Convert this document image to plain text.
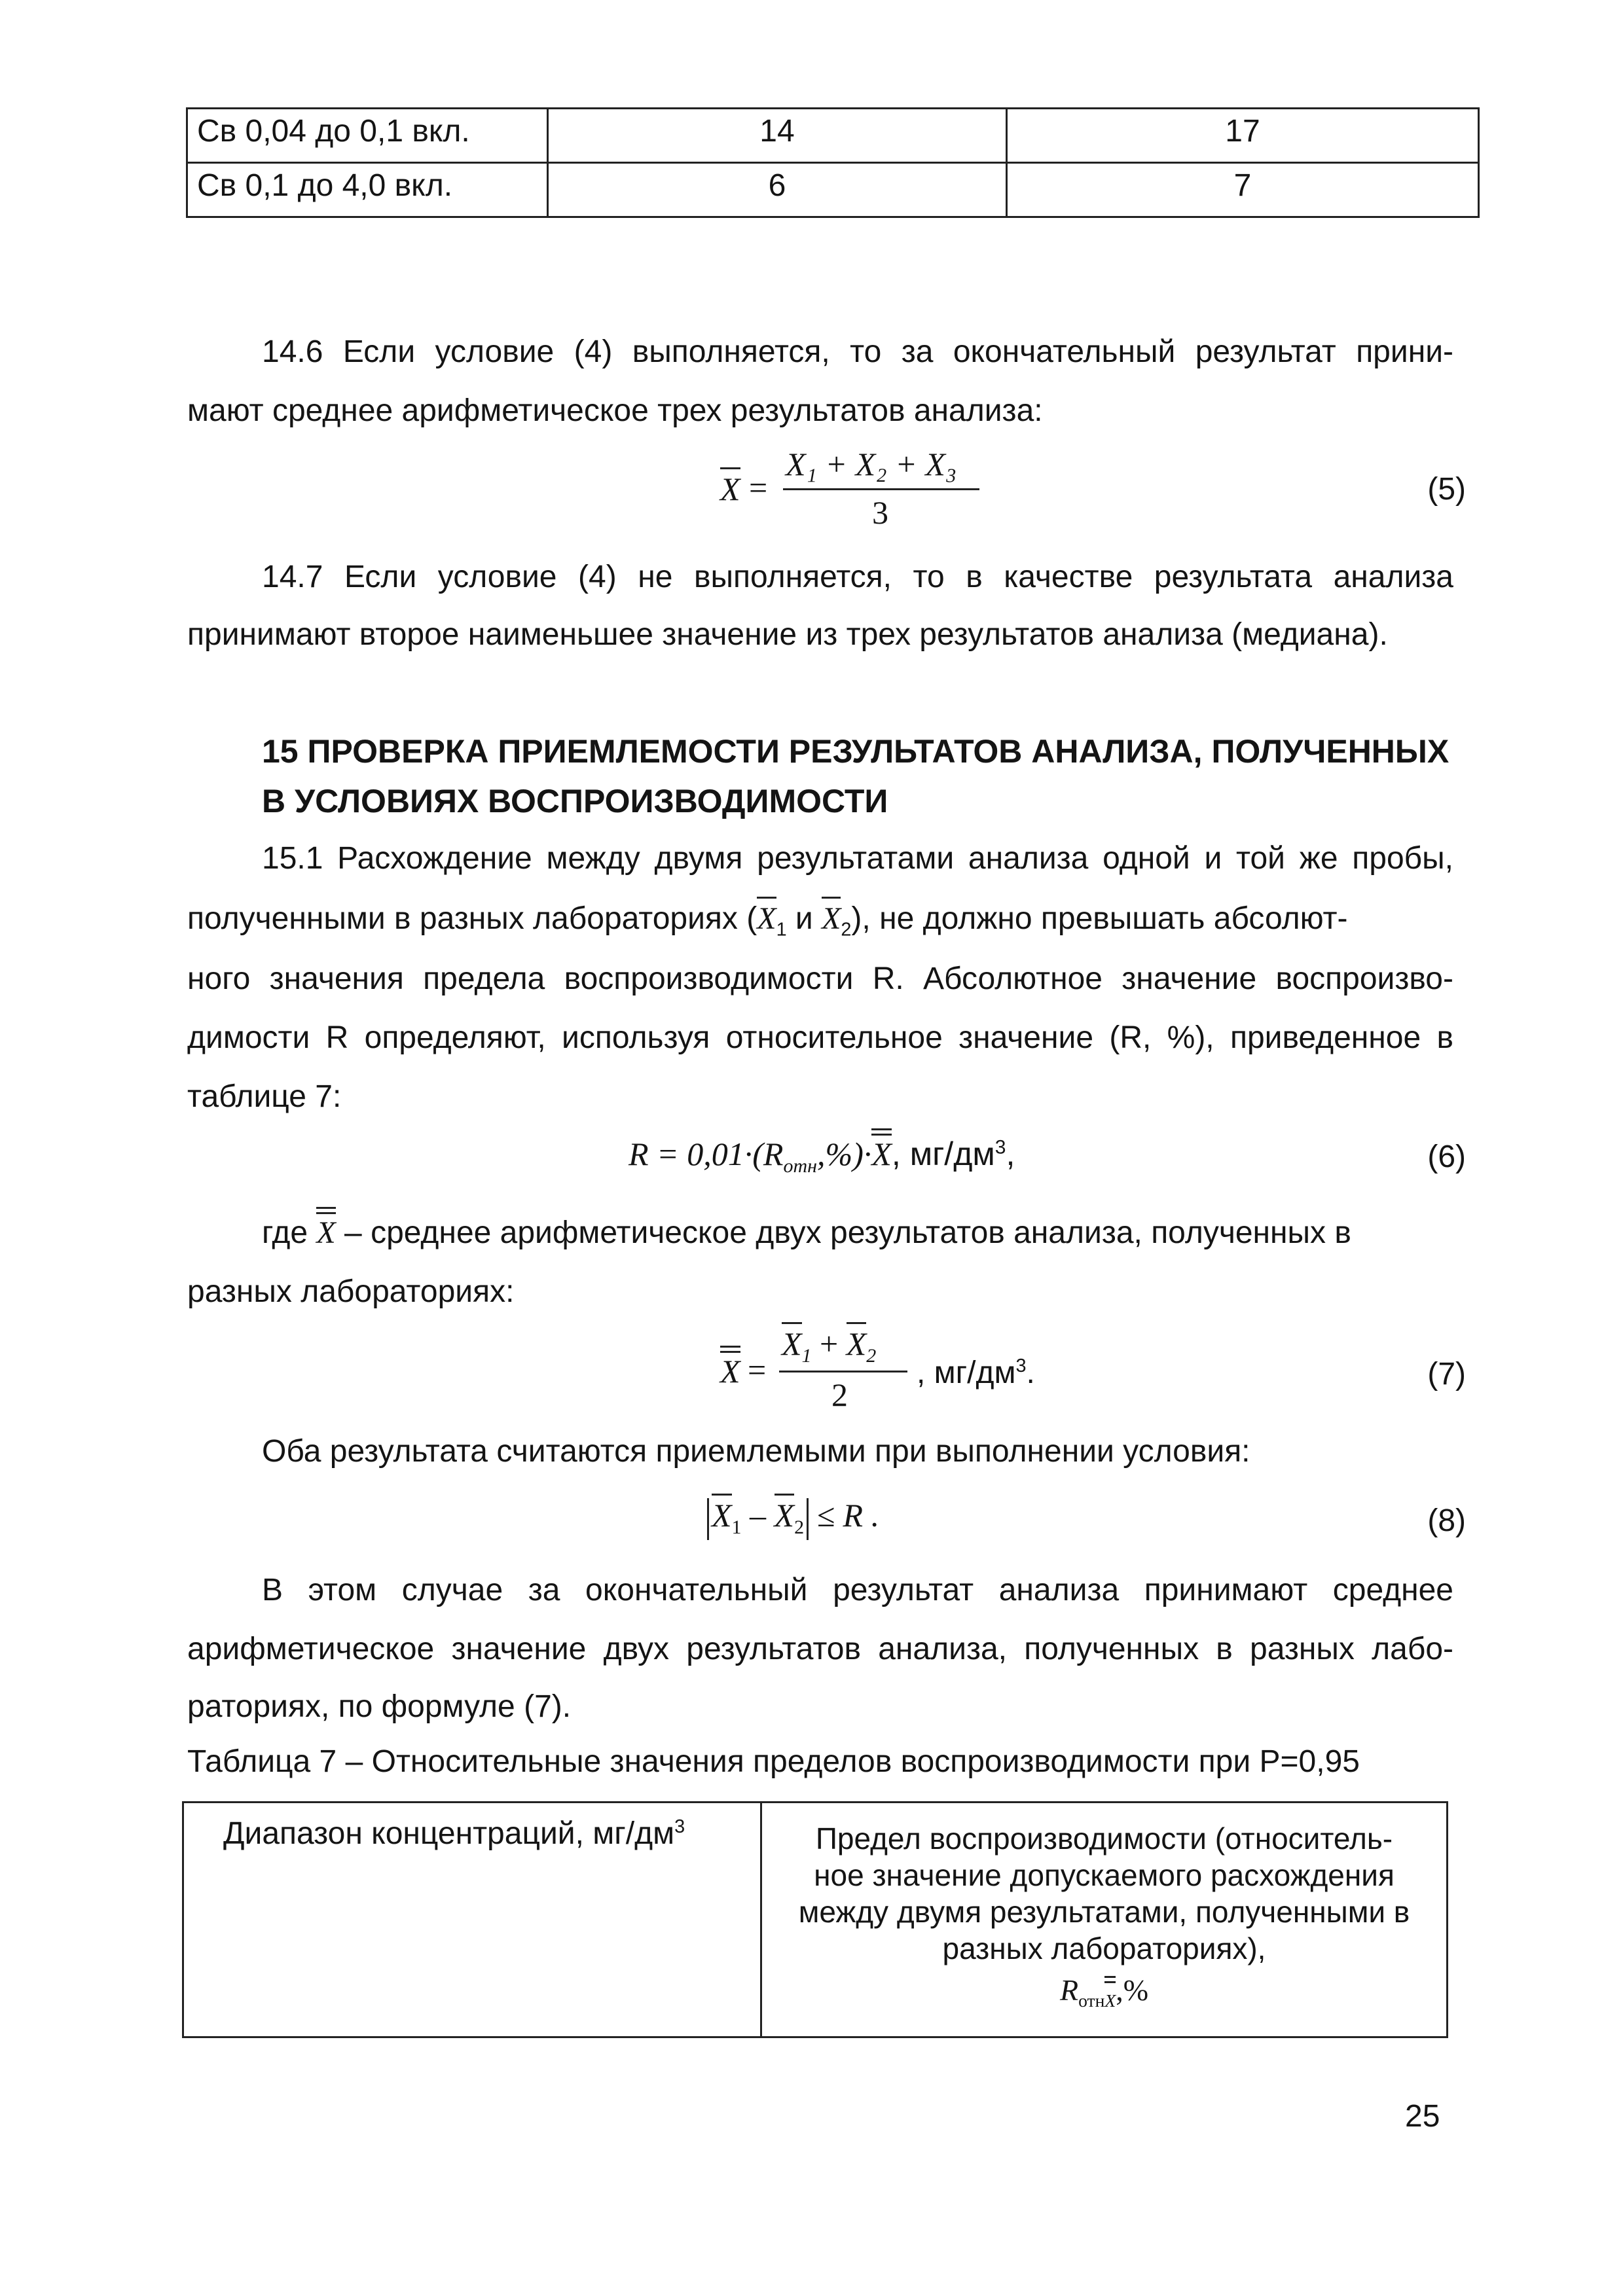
Св 0,04 до 0,1 вкл.	14	17
Св 0,1 до 4,0 вкл.	6	7
14.6 Если условие (4) выполняется, то за окончательный результат прини-
мают среднее арифметическое трех результатов анализа:
X =
X₁ + X₂ + X₃
3
(5)
14.7 Если условие (4) не выполняется, то в качестве результата анализа
принимают второе наименьшее значение из трех результатов анализа (медиана).
15 ПРОВЕРКА ПРИЕМЛЕМОСТИ РЕЗУЛЬТАТОВ АНАЛИЗА, ПОЛУЧЕННЫХ
В УСЛОВИЯХ ВОСПРОИЗВОДИМОСТИ
15.1 Расхождение между двумя результатами анализа одной и той же пробы,
полученными в разных лабораториях ($X_1$ и $X_2$), не должно превышать абсолют-
ного значения предела воспроизводимости R. Абсолютное значение воспроизво-
димости R определяют, используя относительное значение (R, %), приведенное в
таблице 7:
$R = 0,01\cdot(R_{отн},\%)\cdot X$, $мг/дм^3$,	(6)
где X – среднее арифметическое двух результатов анализа, полученных в
разных лабораториях:
X =
$X_1 + X_2$
2
, $мг/дм^3$.	(7)
Оба результата считаются приемлемыми при выполнении условия:
$X_1 - X_2 \le R$ .	(8)
В этом случае за окончательный результат анализа принимают среднее
арифметическое значение двух результатов анализа, полученных в разных лабо-
раториях, по формуле (7).
Таблица 7 – Относительные значения пределов воспроизводимости при Р=0,95
Диапазон концентраций, $мг/дм^3$	Предел воспроизводимости (относитель-
ное значение допускаемого расхождения
между двумя результатами, полученными в
разных лабораториях),
$R_{отнX},\%$
25
